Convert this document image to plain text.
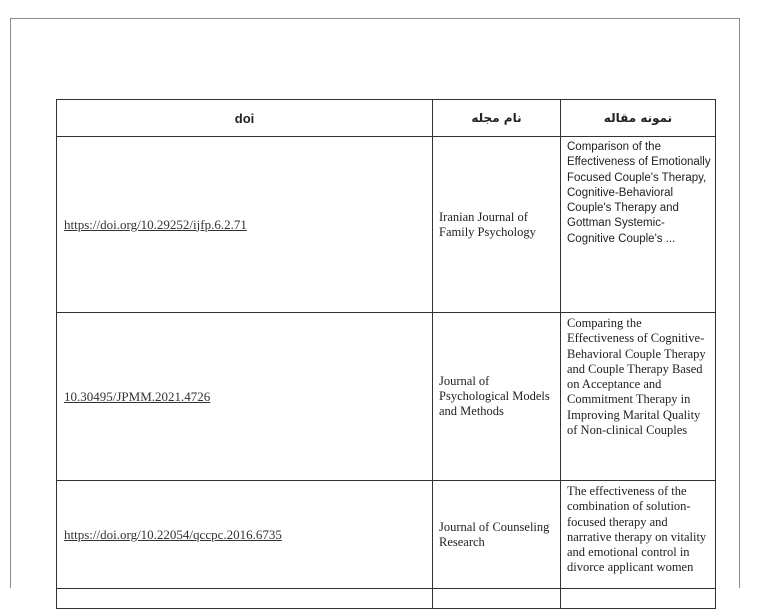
doi	نام مجله	نمونه مقاله
https://doi.org/10.29252/ijfp.6.2.71	Iranian Journal of Family Psychology	Comparison of the Effectiveness of Emotionally Focused Couple's Therapy, Cognitive-Behavioral Couple's Therapy and Gottman Systemic-Cognitive Couple's ...
10.30495/JPMM.2021.4726	Journal of Psychological Models and Methods	Comparing the Effectiveness of Cognitive-Behavioral Couple Therapy and Couple Therapy Based on Acceptance and Commitment Therapy in Improving Marital Quality of Non-clinical Couples
https://doi.org/10.22054/qccpc.2016.6735	Journal of Counseling Research	The effectiveness of the combination of solution-focused therapy and narrative therapy on vitality and emotional control in divorce applicant women
